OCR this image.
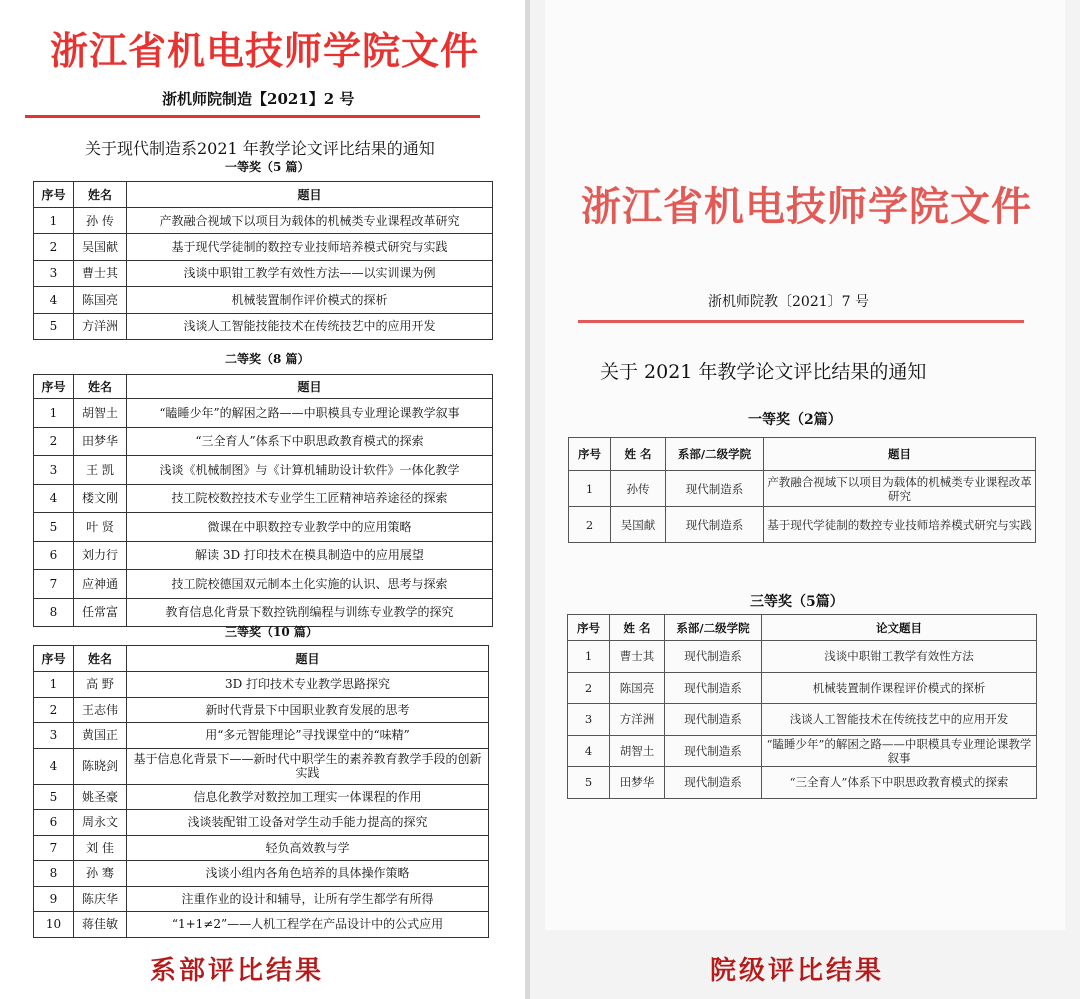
浙江省机电技师学院文件
浙机师院制造【2021】2 号
关于现代制造系2021 年教学论文评比结果的通知
一等奖（5 篇）
序号	姓名	题目
1	孙 传	产教融合视域下以项目为载体的机械类专业课程改革研究
2	吴国献	基于现代学徒制的数控专业技师培养模式研究与实践
3	曹士其	浅谈中职钳工教学有效性方法——以实训课为例
4	陈国亮	机械装置制作评价模式的探析
5	方洋洲	浅谈人工智能技能技术在传统技艺中的应用开发
二等奖（8 篇）
序号	姓名	题目
1	胡智土	“瞌睡少年”的解困之路——中职模具专业理论课教学叙事
2	田梦华	“三全育人”体系下中职思政教育模式的探索
3	王 凯	浅谈《机械制图》与《计算机辅助设计软件》一体化教学
4	楼文刚	技工院校数控技术专业学生工匠精神培养途径的探索
5	叶 贤	微课在中职数控专业教学中的应用策略
6	刘力行	解读 3D 打印技术在模具制造中的应用展望
7	应神通	技工院校德国双元制本土化实施的认识、思考与探索
8	任常富	教育信息化背景下数控铣削编程与训练专业教学的探究
三等奖（10 篇）
序号	姓名	题目
1	高 野	3D 打印技术专业教学思路探究
2	王志伟	新时代背景下中国职业教育发展的思考
3	黄国正	用“多元智能理论”寻找课堂中的“味精”
4	陈晓剑	基于信息化背景下——新时代中职学生的素养教育教学手段的创新实践
5	姚圣豪	信息化教学对数控加工理实一体课程的作用
6	周永文	浅谈装配钳工设备对学生动手能力提高的探究
7	刘 佳	轻负高效教与学
8	孙 骞	浅谈小组内各角色培养的具体操作策略
9	陈庆华	注重作业的设计和辅导，让所有学生都学有所得
10	蒋佳敏	“1+1≠2”——人机工程学在产品设计中的公式应用
系部评比结果
浙江省机电技师学院文件
浙机师院教〔2021〕7 号
关于 2021 年教学论文评比结果的通知
一等奖（2篇）
序号	姓 名	系部/二级学院	题目
1	孙传	现代制造系	产教融合视域下以项目为载体的机械类专业课程改革研究
2	吴国献	现代制造系	基于现代学徒制的数控专业技师培养模式研究与实践
三等奖（5篇）
序号	姓 名	系部/二级学院	论文题目
1	曹士其	现代制造系	浅谈中职钳工教学有效性方法
2	陈国亮	现代制造系	机械装置制作课程评价模式的探析
3	方洋洲	现代制造系	浅谈人工智能技术在传统技艺中的应用开发
4	胡智土	现代制造系	“瞌睡少年”的解困之路——中职模具专业理论课教学叙事
5	田梦华	现代制造系	“三全育人”体系下中职思政教育模式的探索
院级评比结果
